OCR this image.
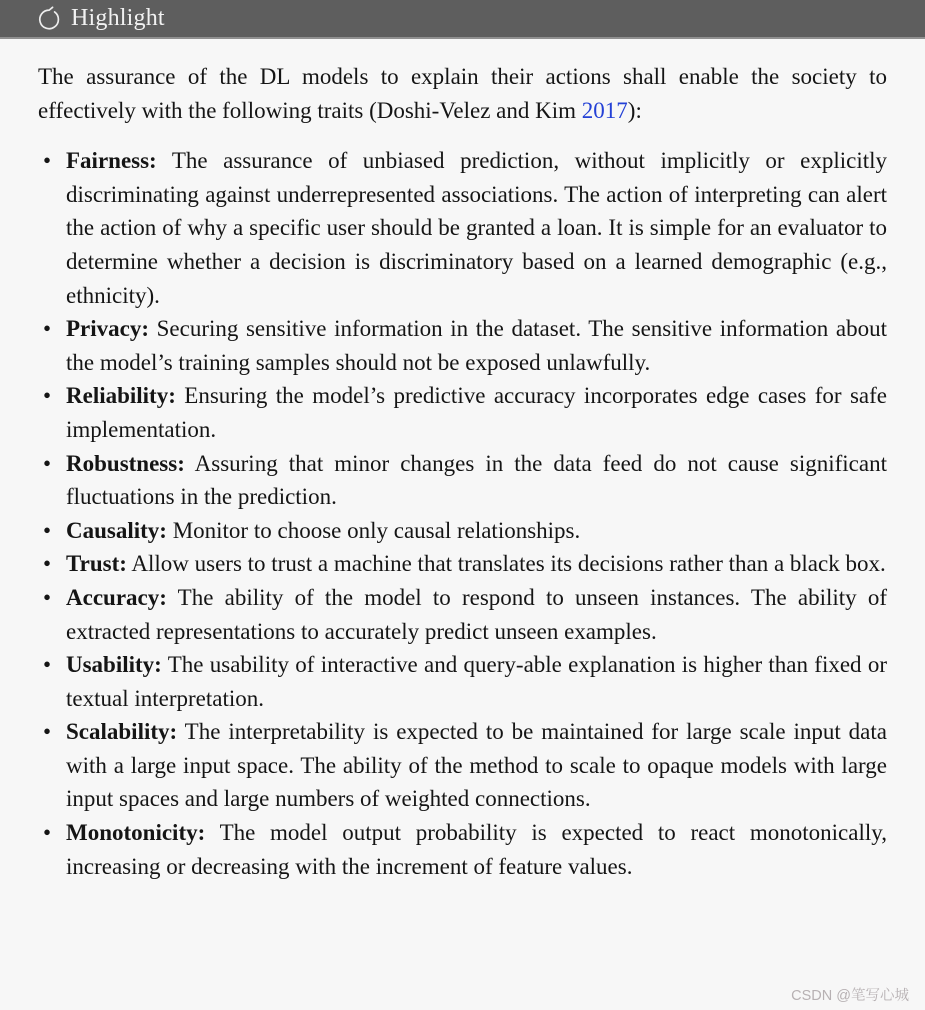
Highlight

The assurance of the DL models to explain their actions shall enable the society to effectively with the following traits (Doshi-Velez and Kim 2017):

• Fairness: The assurance of unbiased prediction, without implicitly or explicitly discriminating against underrepresented associations. The action of interpreting can alert the action of why a specific user should be granted a loan. It is simple for an evaluator to determine whether a decision is discriminatory based on a learned demographic (e.g., ethnicity).
• Privacy: Securing sensitive information in the dataset. The sensitive information about the model’s training samples should not be exposed unlawfully.
• Reliability: Ensuring the model’s predictive accuracy incorporates edge cases for safe implementation.
• Robustness: Assuring that minor changes in the data feed do not cause significant fluctuations in the prediction.
• Causality: Monitor to choose only causal relationships.
• Trust: Allow users to trust a machine that translates its decisions rather than a black box.
• Accuracy: The ability of the model to respond to unseen instances. The ability of extracted representations to accurately predict unseen examples.
• Usability: The usability of interactive and query-able explanation is higher than fixed or textual interpretation.
• Scalability: The interpretability is expected to be maintained for large scale input data with a large input space. The ability of the method to scale to opaque models with large input spaces and large numbers of weighted connections.
• Monotonicity: The model output probability is expected to react monotonically, increasing or decreasing with the increment of feature values.
CSDN @笔写心城
